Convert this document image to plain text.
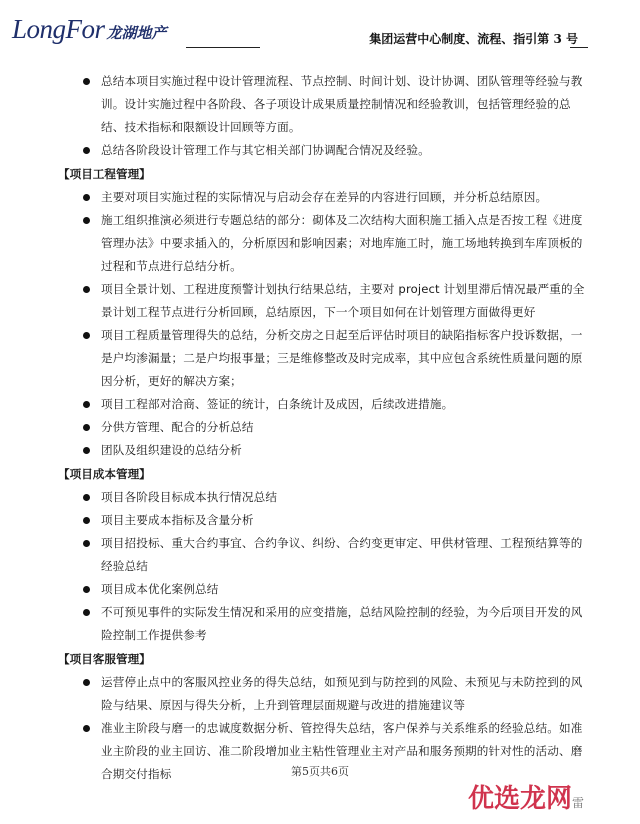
LongFor 龙湖地产	集团运营中心制度、流程、指引第 3 号
总结本项目实施过程中设计管理流程、节点控制、时间计划、设计协调、团队管理等经验与教训。设计实施过程中各阶段、各子项设计成果质量控制情况和经验教训，包括管理经验的总结、技术指标和限额设计回顾等方面。
总结各阶段设计管理工作与其它相关部门协调配合情况及经验。
【项目工程管理】
主要对项目实施过程的实际情况与启动会存在差异的内容进行回顾，并分析总结原因。
施工组织推演必须进行专题总结的部分：砌体及二次结构大面积施工插入点是否按工程《进度管理办法》中要求插入的，分析原因和影响因素；对地库施工时，施工场地转换到车库顶板的过程和节点进行总结分析。
项目全景计划、工程进度预警计划执行结果总结，主要对 project 计划里滞后情况最严重的全景计划工程节点进行分析回顾，总结原因，下一个项目如何在计划管理方面做得更好
项目工程质量管理得失的总结，分析交房之日起至后评估时项目的缺陷指标客户投诉数据，一是户均渗漏量；二是户均报事量；三是维修整改及时完成率，其中应包含系统性质量问题的原因分析，更好的解决方案；
项目工程部对洽商、签证的统计，白条统计及成因，后续改进措施。
分供方管理、配合的分析总结
团队及组织建设的总结分析
【项目成本管理】
项目各阶段目标成本执行情况总结
项目主要成本指标及含量分析
项目招投标、重大合约事宜、合约争议、纠纷、合约变更审定、甲供材管理、工程预结算等的经验总结
项目成本优化案例总结
不可预见事件的实际发生情况和采用的应变措施，总结风险控制的经验，为今后项目开发的风险控制工作提供参考
【项目客服管理】
运营停止点中的客服风控业务的得失总结，如预见到与防控到的风险、未预见与未防控到的风险与结果、原因与得失分析，上升到管理层面规避与改进的措施建议等
准业主阶段与磨一的忠诚度数据分析、管控得失总结，客户保养与关系维系的经验总结。如准业主阶段的业主回访、准二阶段增加业主粘性管理业主对产品和服务预期的针对性的活动、磨合期交付指标	第5页共6页
优选龙网雷
